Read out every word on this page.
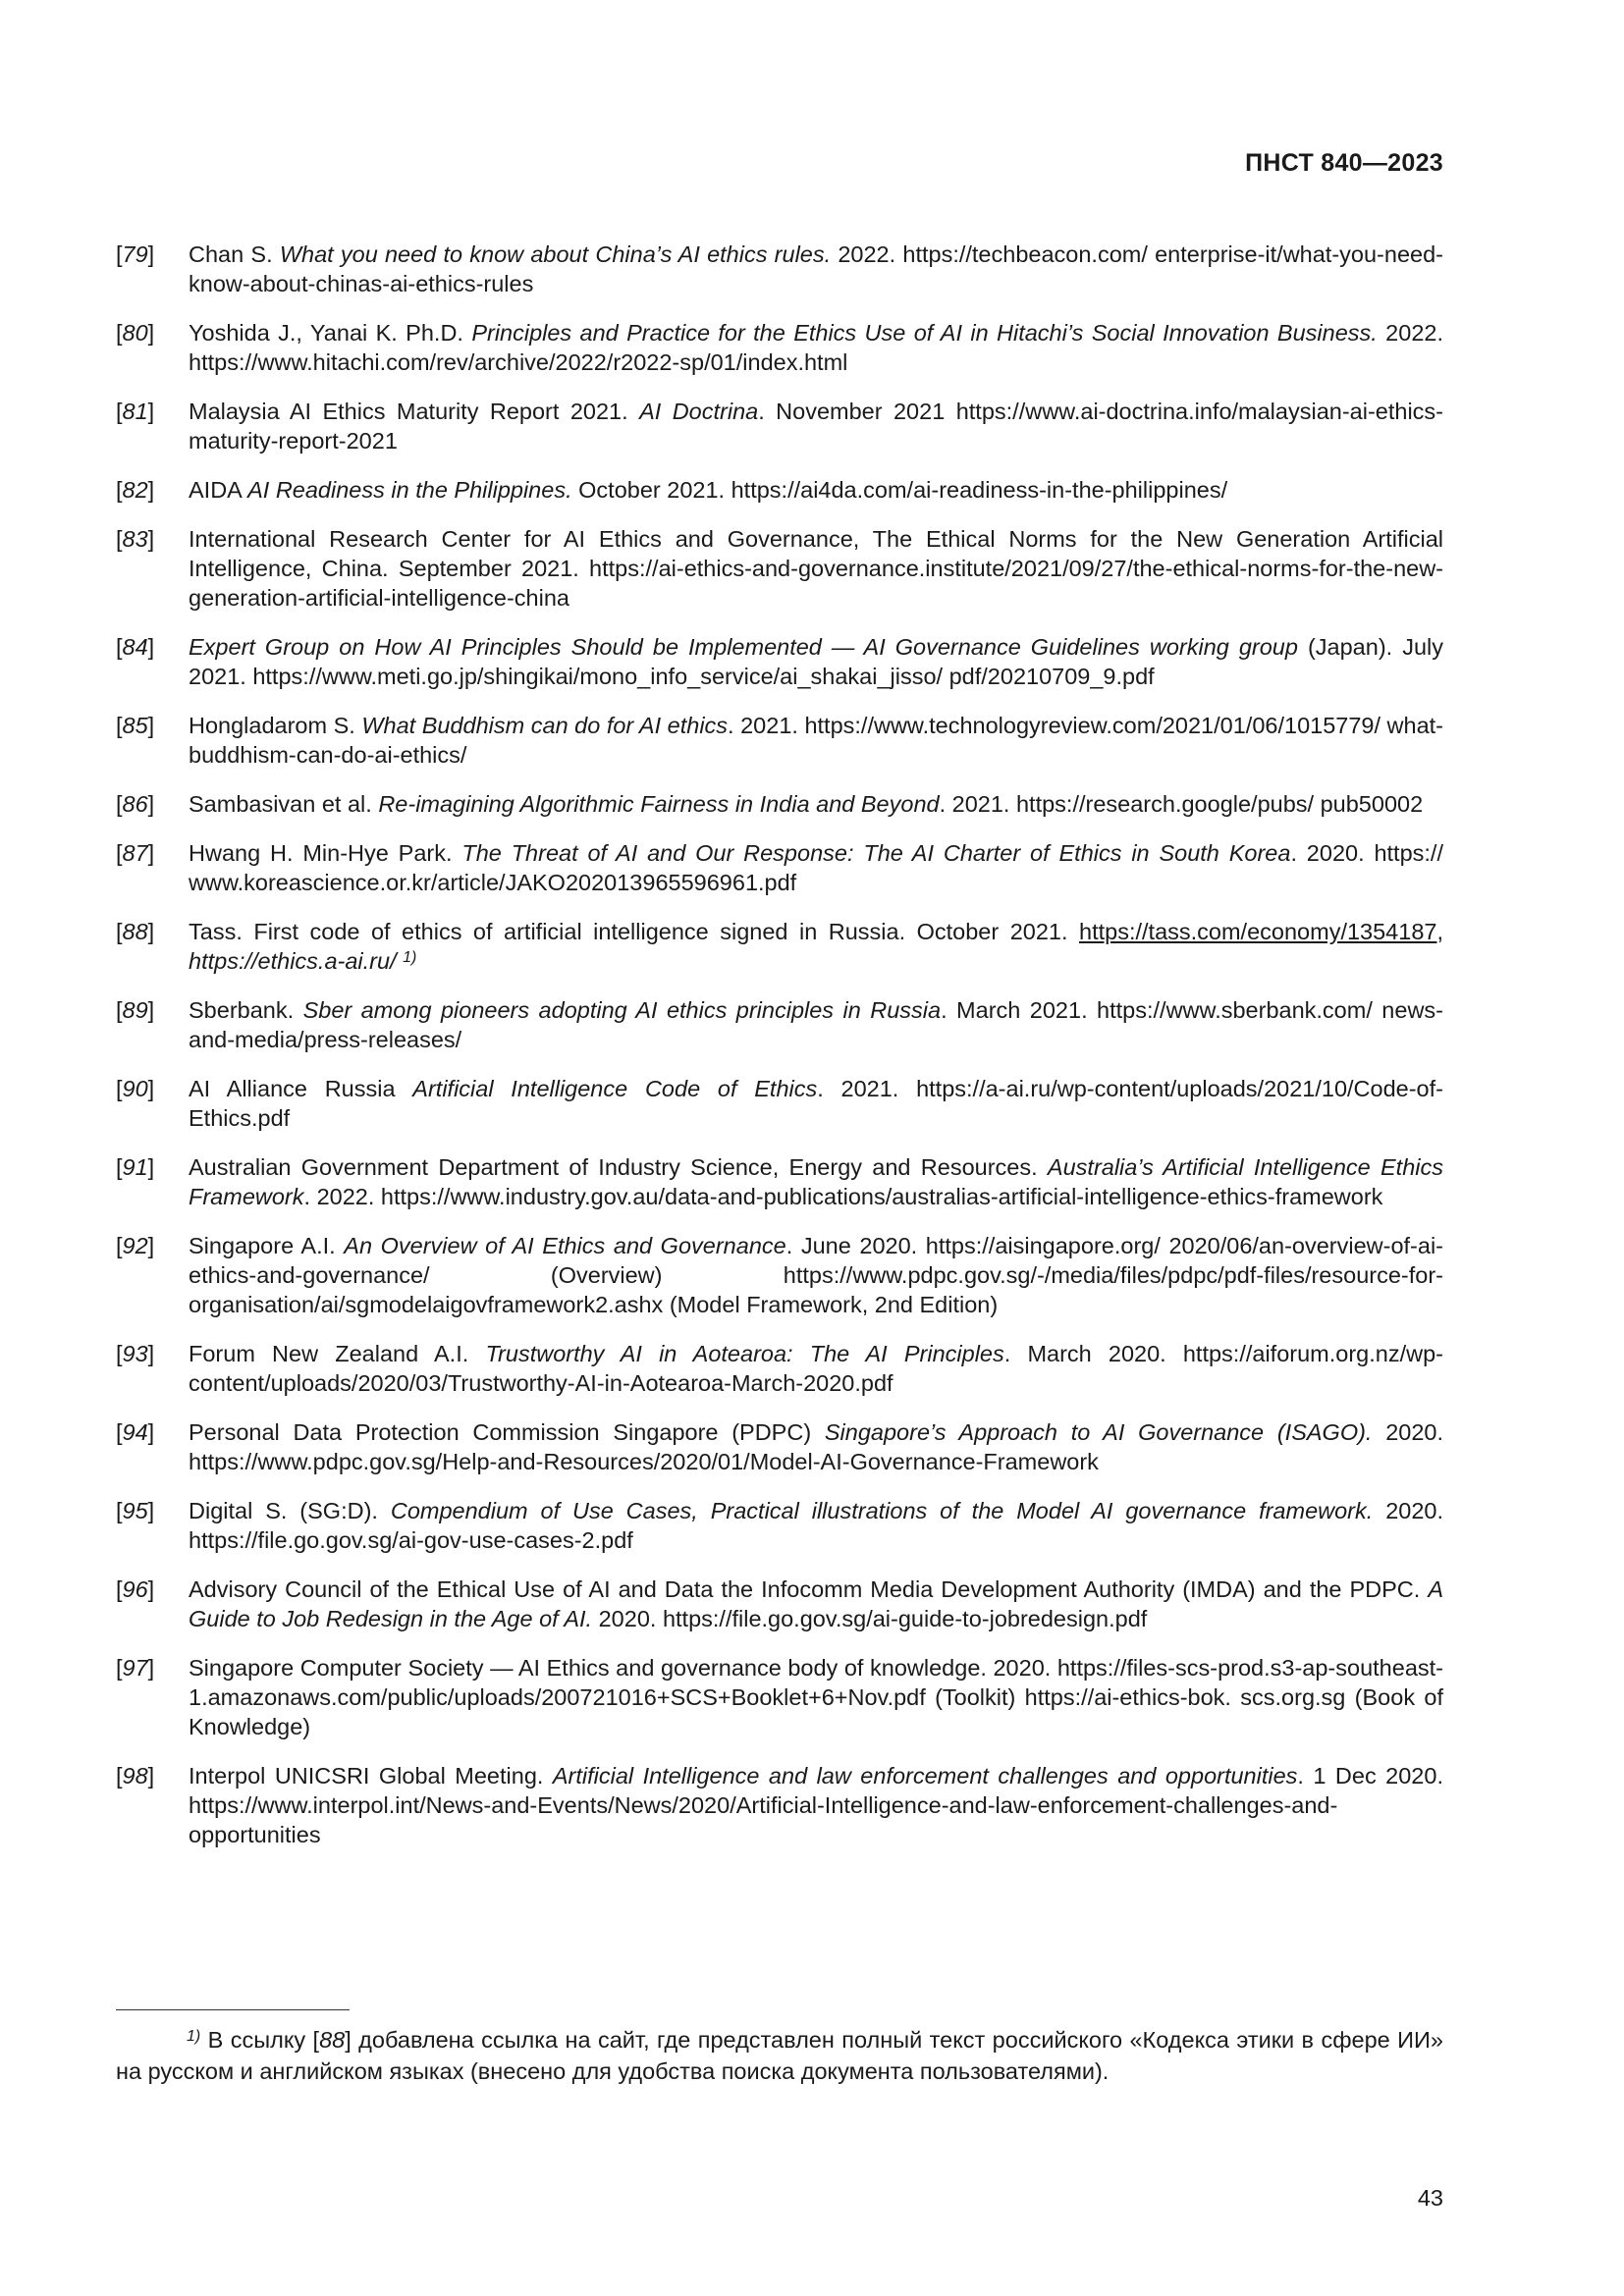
ПНСТ 840—2023
[79]	Chan S. What you need to know about China’s AI ethics rules. 2022. https://techbeacon.com/ enterprise-it/what-you-need-know-about-chinas-ai-ethics-rules
[80]	Yoshida J., Yanai K. Ph.D. Principles and Practice for the Ethics Use of AI in Hitachi’s Social Innovation Business. 2022. https://www.hitachi.com/rev/archive/2022/r2022-sp/01/index.html
[81]	Malaysia AI Ethics Maturity Report 2021. AI Doctrina. November 2021 https://www.ai-doctrina.info/malaysian-ai-ethics-maturity-report-2021
[82]	AIDA AI Readiness in the Philippines. October 2021. https://ai4da.com/ai-readiness-in-the-philippines/
[83]	International Research Center for AI Ethics and Governance, The Ethical Norms for the New Generation Artificial Intelligence, China. September 2021. https://ai-ethics-and-governance.institute/2021/09/27/the-ethical-norms-for-the-new-generation-artificial-intelligence-china
[84]	Expert Group on How AI Principles Should be Implemented — AI Governance Guidelines working group (Japan). July 2021. https://www.meti.go.jp/shingikai/mono_info_service/ai_shakai_jisso/ pdf/20210709_9.pdf
[85]	Hongladarom S. What Buddhism can do for AI ethics. 2021. https://www.technologyreview.com/2021/01/06/1015779/ what-buddhism-can-do-ai-ethics/
[86]	Sambasivan et al. Re-imagining Algorithmic Fairness in India and Beyond. 2021. https://research.google/pubs/ pub50002
[87]	Hwang H. Min-Hye Park. The Threat of AI and Our Response: The AI Charter of Ethics in South Korea. 2020. https:// www.koreascience.or.kr/article/JAKO202013965596961.pdf
[88]	Tass. First code of ethics of artificial intelligence signed in Russia. October 2021. https://tass.com/economy/1354187, https://ethics.a-ai.ru/ $^{1)}$
[89]	Sberbank. Sber among pioneers adopting AI ethics principles in Russia. March 2021. https://www.sberbank.com/ news-and-media/press-releases/
[90]	AI Alliance Russia Artificial Intelligence Code of Ethics. 2021. https://a-ai.ru/wp-content/uploads/2021/10/Code-of-Ethics.pdf
[91]	Australian Government Department of Industry Science, Energy and Resources. Australia’s Artificial Intelligence Ethics Framework. 2022. https://www.industry.gov.au/data-and-publications/australias-artificial-intelligence-ethics-framework
[92]	Singapore A.I. An Overview of AI Ethics and Governance. June 2020. https://aisingapore.org/ 2020/06/an-overview-of-ai-ethics-and-governance/ (Overview) https://www.pdpc.gov.sg/-/media/files/pdpc/pdf-files/resource-for-organisation/ai/sgmodelaigovframework2.ashx (Model Framework, 2nd Edition)
[93]	Forum New Zealand A.I. Trustworthy AI in Aotearoa: The AI Principles. March 2020. https://aiforum.org.nz/wp-content/uploads/2020/03/Trustworthy-AI-in-Aotearoa-March-2020.pdf
[94]	Personal Data Protection Commission Singapore (PDPC) Singapore’s Approach to AI Governance (ISAGO). 2020. https://www.pdpc.gov.sg/Help-and-Resources/2020/01/Model-AI-Governance-Framework
[95]	Digital S. (SG:D). Compendium of Use Cases, Practical illustrations of the Model AI governance framework. 2020. https://file.go.gov.sg/ai-gov-use-cases-2.pdf
[96]	Advisory Council of the Ethical Use of AI and Data the Infocomm Media Development Authority (IMDA) and the PDPC. A Guide to Job Redesign in the Age of AI. 2020. https://file.go.gov.sg/ai-guide-to-jobredesign.pdf
[97]	Singapore Computer Society — AI Ethics and governance body of knowledge. 2020. https://files-scs-prod.s3-ap-southeast-1.amazonaws.com/public/uploads/200721016+SCS+Booklet+6+Nov.pdf (Toolkit) https://ai-ethics-bok. scs.org.sg (Book of Knowledge)
[98]	Interpol UNICSRI Global Meeting. Artificial Intelligence and law enforcement challenges and opportunities. 1 Dec 2020. https://www.interpol.int/News-and-Events/News/2020/Artificial-Intelligence-and-law-enforcement-challenges-and-opportunities
$^{1)}$ В ссылку [88] добавлена ссылка на сайт, где представлен полный текст российского «Кодекса этики в сфере ИИ» на русском и английском языках (внесено для удобства поиска документа пользователями).
43
